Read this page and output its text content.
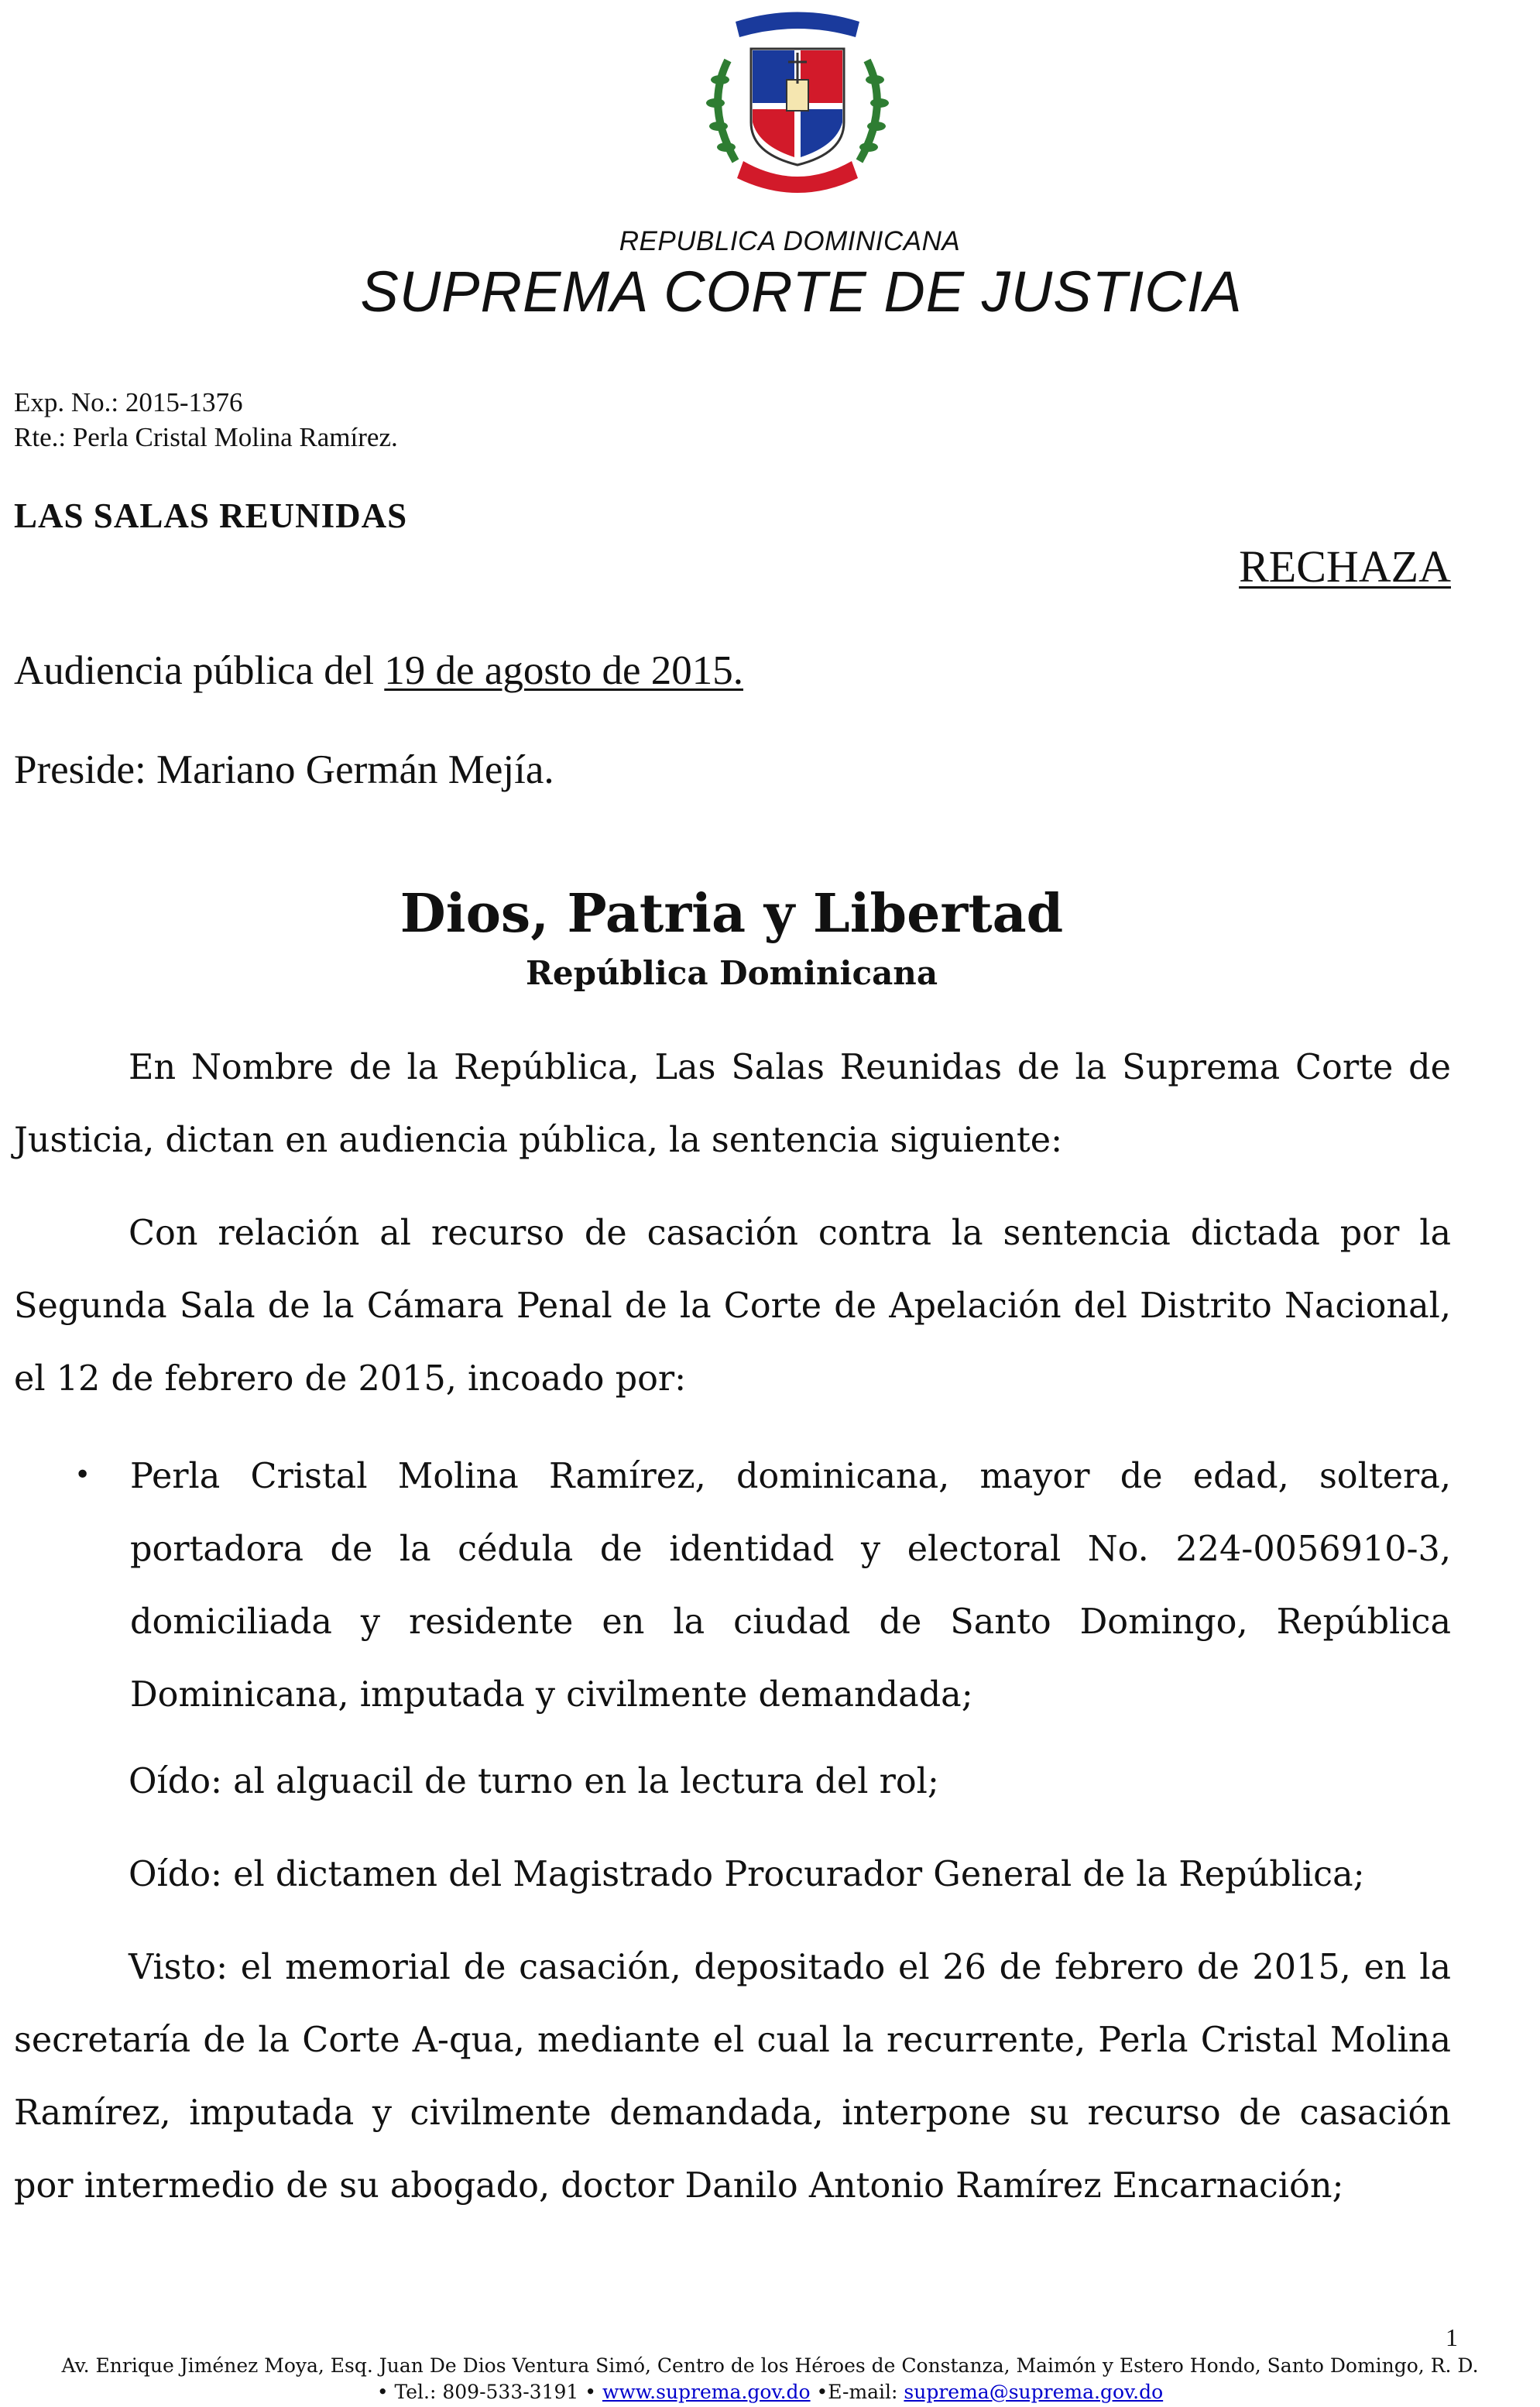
REPUBLICA DOMINICANA
SUPREMA CORTE DE JUSTICIA
Exp. No.: 2015-1376
Rte.: Perla Cristal Molina Ramírez.
LAS SALAS REUNIDAS
RECHAZA
Audiencia pública del 19 de agosto de 2015.
Preside: Mariano Germán Mejía.
Dios, Patria y Libertad
República Dominicana

En Nombre de la República, Las Salas Reunidas de la Suprema Corte de Justicia, dictan en audiencia pública, la sentencia siguiente:

Con relación al recurso de casación contra la sentencia dictada por la Segunda Sala de la Cámara Penal de la Corte de Apelación del Distrito Nacional, el 12 de febrero de 2015, incoado por:

• Perla Cristal Molina Ramírez, dominicana, mayor de edad, soltera, portadora de la cédula de identidad y electoral No. 224-0056910-3, domiciliada y residente en la ciudad de Santo Domingo, República Dominicana, imputada y civilmente demandada;

Oído: al alguacil de turno en la lectura del rol;

Oído: el dictamen del Magistrado Procurador General de la República;

Visto: el memorial de casación, depositado el 26 de febrero de 2015, en la secretaría de la Corte A-qua, mediante el cual la recurrente, Perla Cristal Molina Ramírez, imputada y civilmente demandada, interpone su recurso de casación por intermedio de su abogado, doctor Danilo Antonio Ramírez Encarnación;

1
Av. Enrique Jiménez Moya, Esq. Juan De Dios Ventura Simó, Centro de los Héroes de Constanza, Maimón y Estero Hondo, Santo Domingo, R. D.
• Tel.: 809-533-3191 • www.suprema.gov.do •E-mail: suprema@suprema.gov.do
